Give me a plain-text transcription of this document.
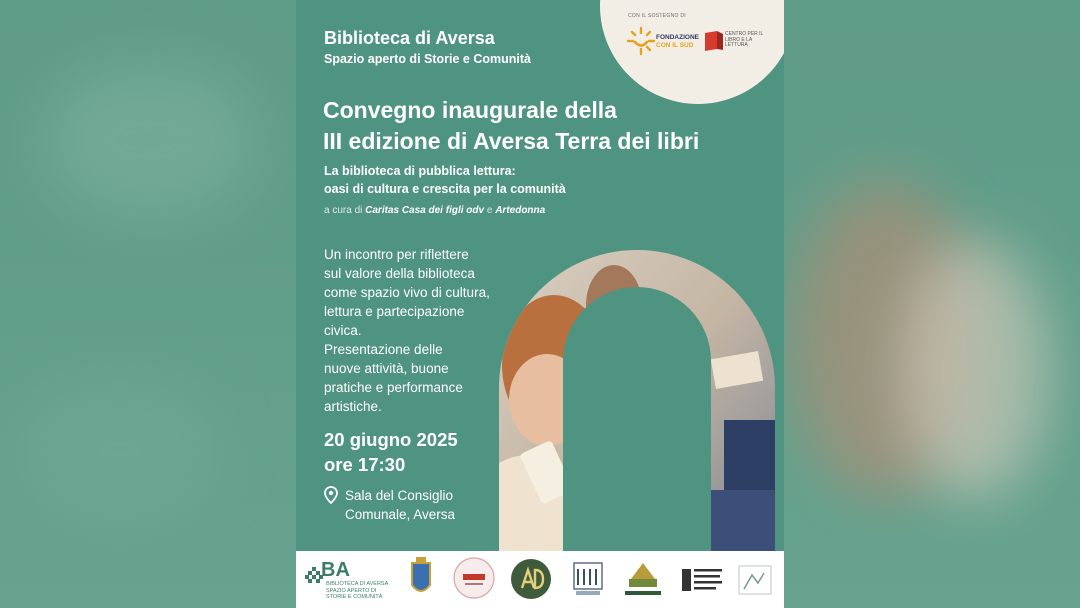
CON IL SOSTEGNO DI
FONDAZIONE
CON IL SUD
CENTRO PER IL LIBRO E LA LETTURA
Biblioteca di Aversa
Spazio aperto di Storie e Comunità
Convegno inaugurale della
III edizione di Aversa Terra dei libri
La biblioteca di pubblica lettura:
oasi di cultura e crescita per la comunità
a cura di Caritas Casa dei figli odv e Artedonna
Un incontro per riflettere
sul valore della biblioteca
come spazio vivo di cultura,
lettura e partecipazione
civica.
Presentazione delle
nuove attività, buone
pratiche e performance
artistiche.
20 giugno 2025
ore 17:30
Sala del Consiglio
Comunale, Aversa
BA
BIBLIOTECA DI AVERSA SPAZIO APERTO DI STORIE E COMUNITÀ
